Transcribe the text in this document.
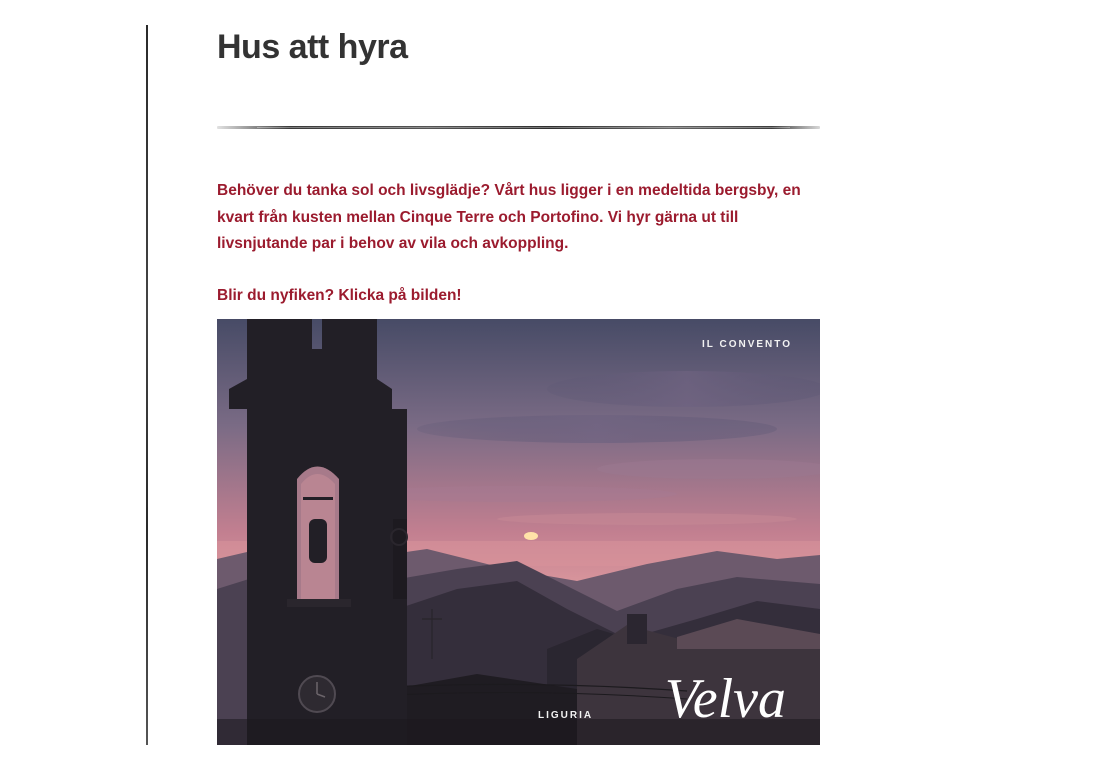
Hus att hyra

Behöver du tanka sol och livsglädje? Vårt hus ligger i en medeltida bergsby, en kvart från kusten mellan Cinque Terre och Portofino. Vi hyr gärna ut till livsnjutande par i behov av vila och avkoppling.

Blir du nyfiken? Klicka på bilden!

IL CONVENTO
LIGURIA Velva
